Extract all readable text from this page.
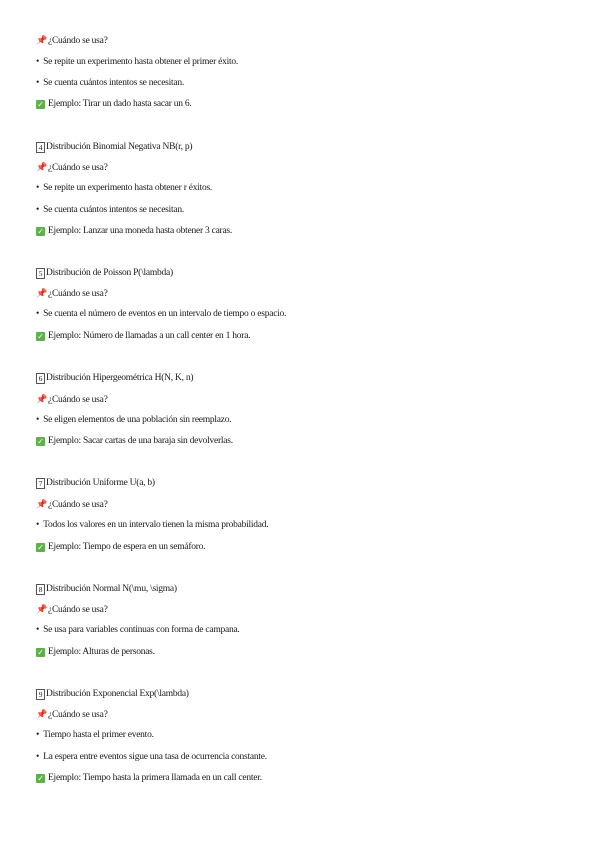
📌¿Cuándo se usa?
• Se repite un experimento hasta obtener el primer éxito.
• Se cuenta cuántos intentos se necesitan.
✓ Ejemplo: Tirar un dado hasta sacar un 6.
4 Distribución Binomial Negativa NB(r, p)
📌¿Cuándo se usa?
• Se repite un experimento hasta obtener r éxitos.
• Se cuenta cuántos intentos se necesitan.
✓ Ejemplo: Lanzar una moneda hasta obtener 3 caras.
5 Distribución de Poisson P(\lambda)
📌¿Cuándo se usa?
• Se cuenta el número de eventos en un intervalo de tiempo o espacio.
✓ Ejemplo: Número de llamadas a un call center en 1 hora.
6 Distribución Hipergeométrica H(N, K, n)
📌¿Cuándo se usa?
• Se eligen elementos de una población sin reemplazo.
✓ Ejemplo: Sacar cartas de una baraja sin devolverlas.
7 Distribución Uniforme U(a, b)
📌¿Cuándo se usa?
• Todos los valores en un intervalo tienen la misma probabilidad.
✓ Ejemplo: Tiempo de espera en un semáforo.
8 Distribución Normal N(\mu, \sigma)
📌¿Cuándo se usa?
• Se usa para variables continuas con forma de campana.
✓ Ejemplo: Alturas de personas.
9 Distribución Exponencial Exp(\lambda)
📌¿Cuándo se usa?
• Tiempo hasta el primer evento.
• La espera entre eventos sigue una tasa de ocurrencia constante.
✓ Ejemplo: Tiempo hasta la primera llamada en un call center.
